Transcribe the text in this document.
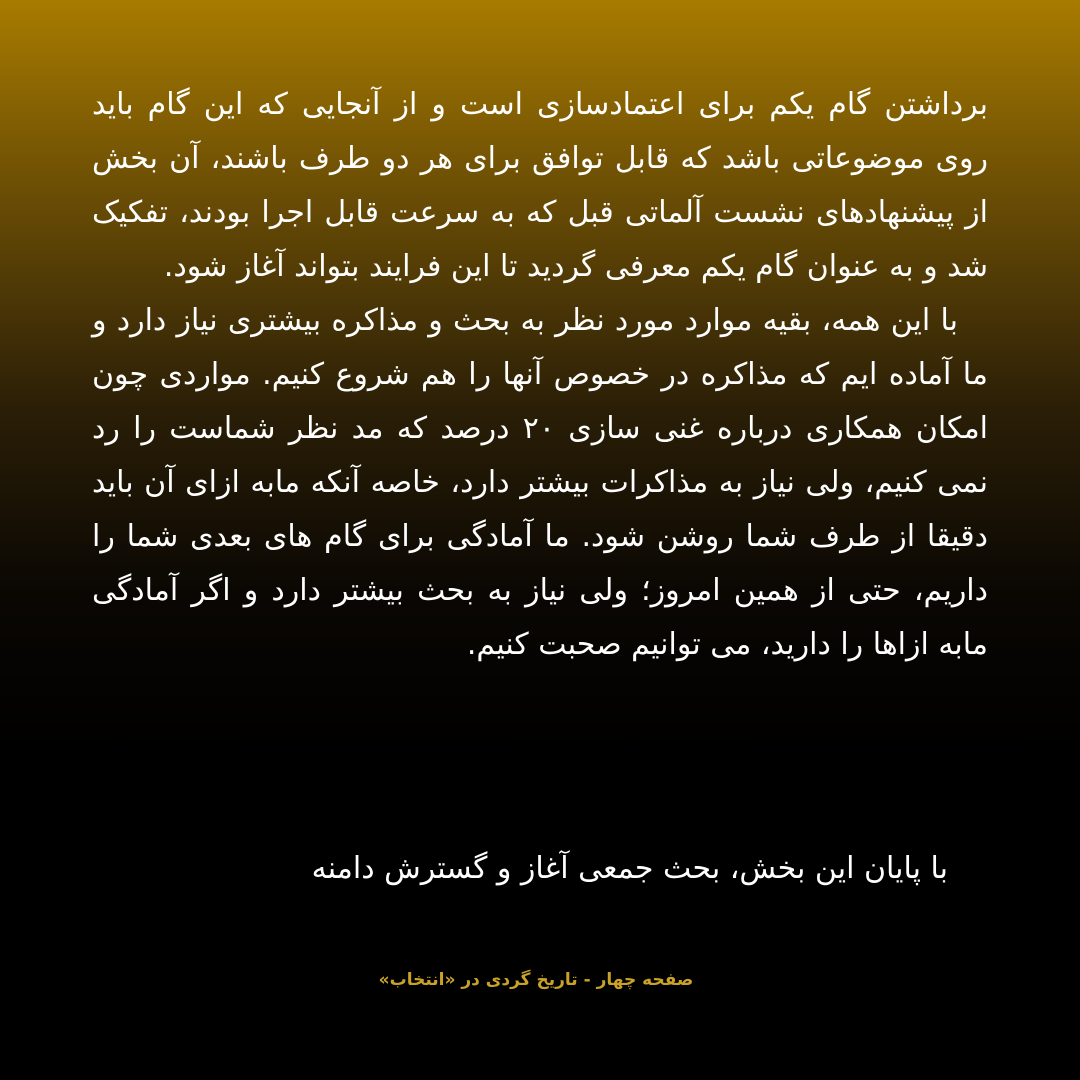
برداشتن گام یکم برای اعتمادسازی است و از آنجایی که این گام باید روی موضوعاتی باشد که قابل توافق برای هر دو طرف باشند، آن بخش از پیشنهادهای نشست آلماتی قبل که به سرعت قابل اجرا بودند، تفکیک شد و به عنوان گام یکم معرفی گردید تا این فرایند بتواند آغاز شود.

با این همه، بقیه موارد مورد نظر به بحث و مذاکره بیشتری نیاز دارد و ما آماده ایم که مذاکره در خصوص آنها را هم شروع کنیم. مواردی چون امکان همکاری درباره غنی سازی ۲۰ درصد که مد نظر شماست را رد نمی کنیم، ولی نیاز به مذاکرات بیشتر دارد، خاصه آنکه مابه ازای آن باید دقیقا از طرف شما روشن شود. ما آمادگی برای گام های بعدی شما را داریم، حتی از همین امروز؛ ولی نیاز به بحث بیشتر دارد و اگر آمادگی مابه ازاها را دارید، می توانیم صحبت کنیم.

با پایان این بخش، بحث جمعی آغاز و گسترش دامنه
صفحه چهار - تاریخ گردی در «انتخاب»
